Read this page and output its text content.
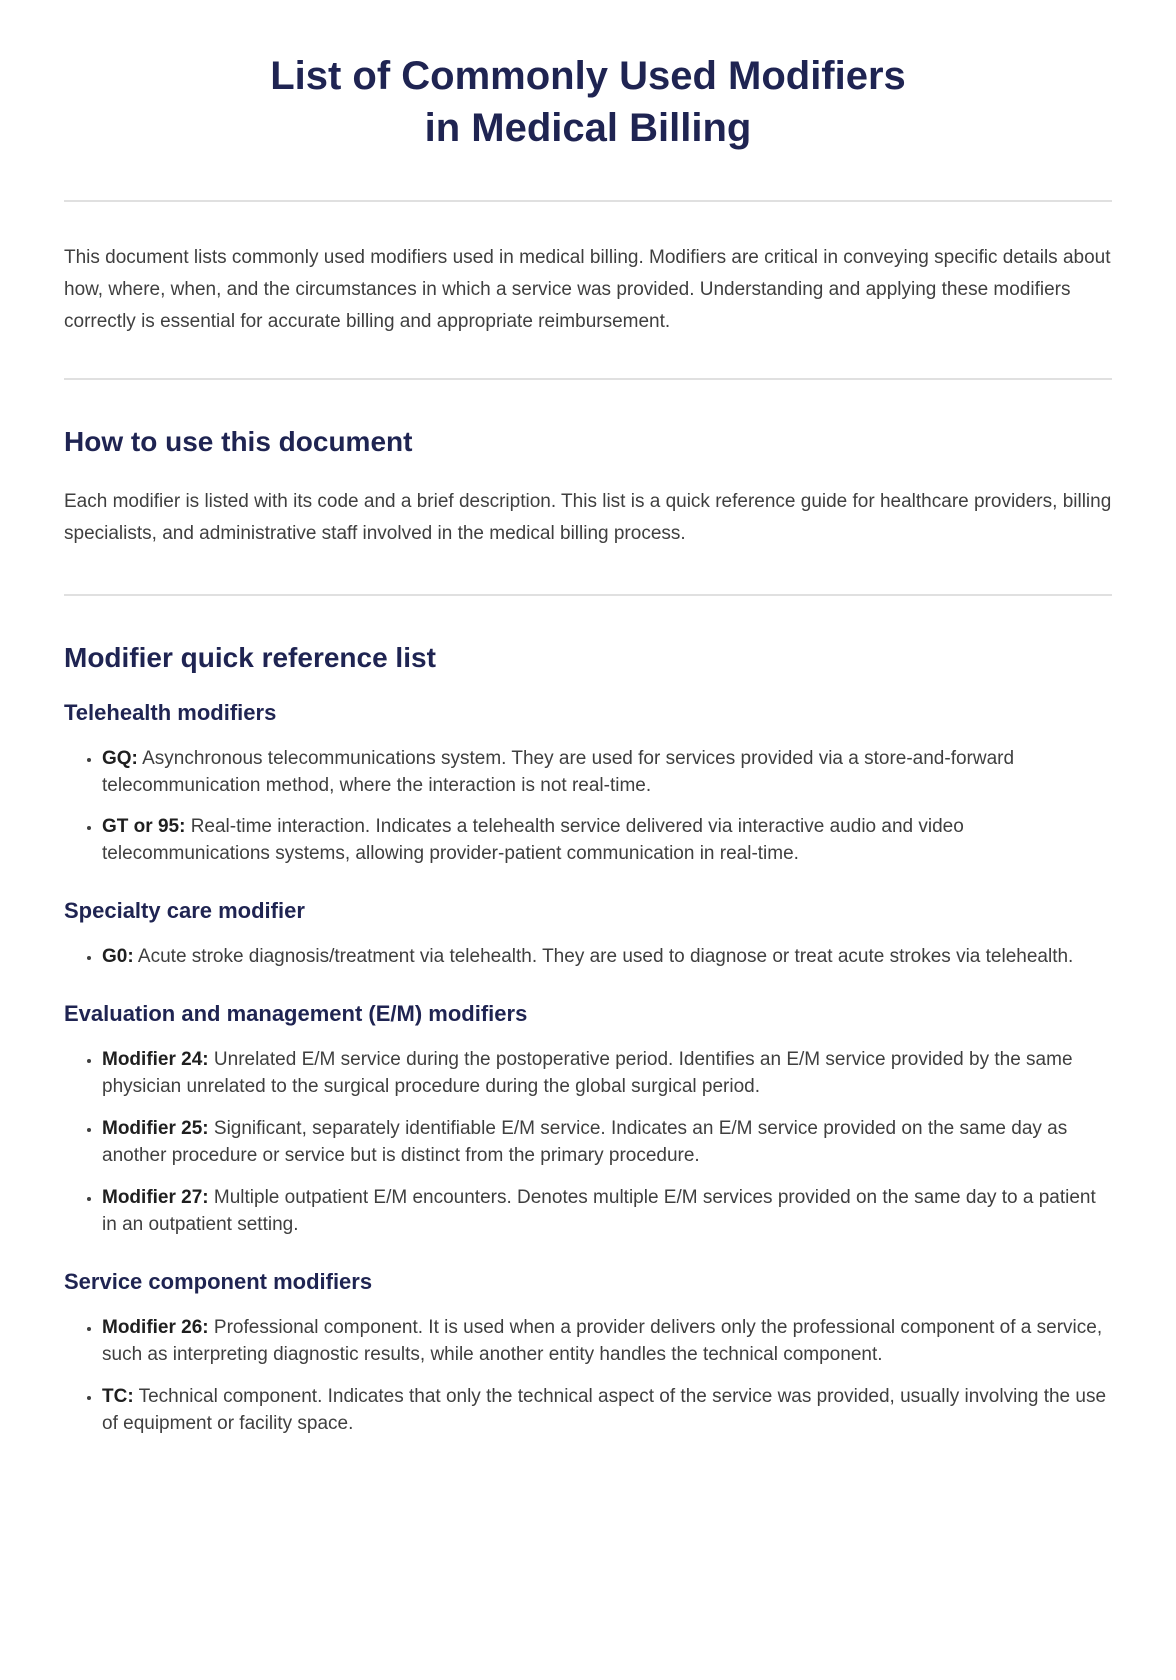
List of Commonly Used Modifiers
in Medical Billing

This document lists commonly used modifiers used in medical billing. Modifiers are critical in conveying specific details about how, where, when, and the circumstances in which a service was provided. Understanding and applying these modifiers correctly is essential for accurate billing and appropriate reimbursement.

How to use this document

Each modifier is listed with its code and a brief description. This list is a quick reference guide for healthcare providers, billing specialists, and administrative staff involved in the medical billing process.

Modifier quick reference list
Telehealth modifiers
• GQ: Asynchronous telecommunications system. They are used for services provided via a store-and-forward telecommunication method, where the interaction is not real-time.
• GT or 95: Real-time interaction. Indicates a telehealth service delivered via interactive audio and video telecommunications systems, allowing provider-patient communication in real-time.
Specialty care modifier
• G0: Acute stroke diagnosis/treatment via telehealth. They are used to diagnose or treat acute strokes via telehealth.
Evaluation and management (E/M) modifiers
• Modifier 24: Unrelated E/M service during the postoperative period. Identifies an E/M service provided by the same physician unrelated to the surgical procedure during the global surgical period.
• Modifier 25: Significant, separately identifiable E/M service. Indicates an E/M service provided on the same day as another procedure or service but is distinct from the primary procedure.
• Modifier 27: Multiple outpatient E/M encounters. Denotes multiple E/M services provided on the same day to a patient in an outpatient setting.
Service component modifiers
• Modifier 26: Professional component. It is used when a provider delivers only the professional component of a service, such as interpreting diagnostic results, while another entity handles the technical component.
• TC: Technical component. Indicates that only the technical aspect of the service was provided, usually involving the use of equipment or facility space.
